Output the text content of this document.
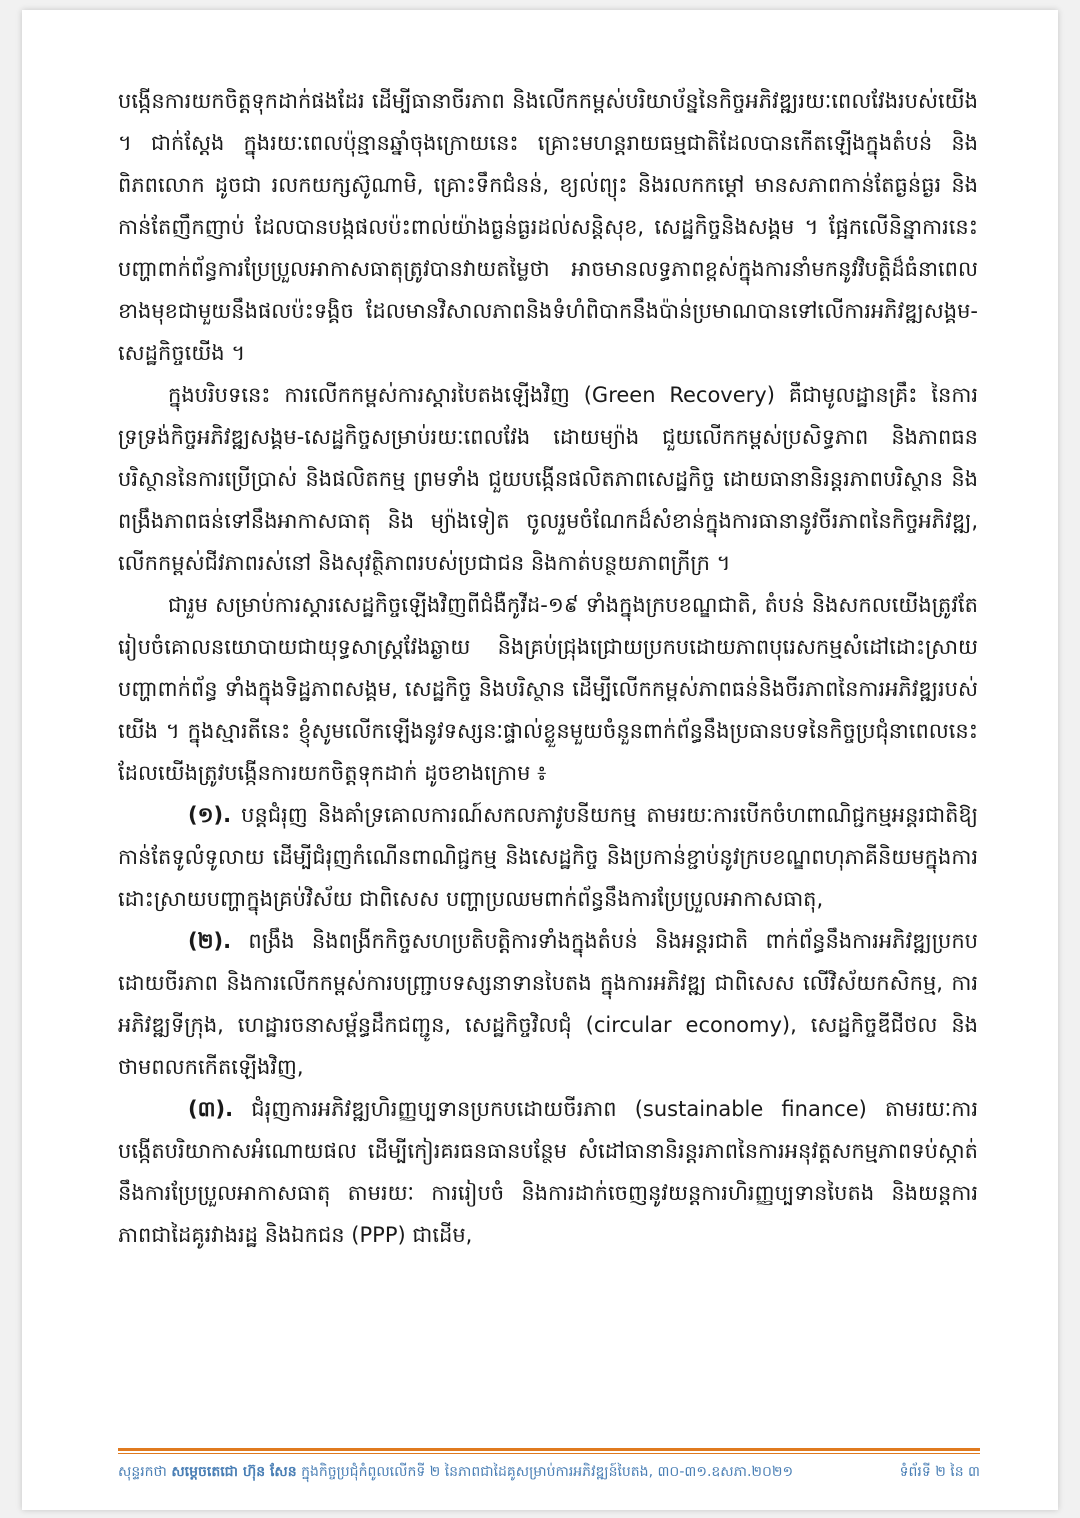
បង្កើនការយកចិត្តទុកដាក់ផងដែរ ដើម្បីធានាចីរភាព និងលើកកម្ពស់បរិយាប័ន្ននៃកិច្ចអភិវឌ្ឍរយៈពេលវែងរបស់យើង ។ ជាក់ស្តែង ក្នុងរយៈពេលប៉ុន្មានឆ្នាំចុងក្រោយនេះ គ្រោះមហន្តរាយធម្មជាតិដែលបានកើតឡើងក្នុងតំបន់ និងពិភពលោក ដូចជា រលកយក្សស៊ូណាមិ, គ្រោះទឹកជំនន់, ខ្យល់ព្យុះ និងរលកកម្តៅ មានសភាពកាន់តែធ្ងន់ធ្ងរ និងកាន់តែញឹកញាប់ ដែលបានបង្កផលប៉ះពាល់យ៉ាងធ្ងន់ធ្ងរដល់សន្តិសុខ, សេដ្ឋកិច្ចនិងសង្គម ។ ផ្អែកលើនិន្នាការនេះ បញ្ហាពាក់ព័ន្ធការប្រែប្រួលអាកាសធាតុត្រូវបានវាយតម្លៃថា អាចមានលទ្ធភាពខ្ពស់ក្នុងការនាំមកនូវវិបត្តិដ៏ធំនាពេលខាងមុខជាមួយនឹងផលប៉ះទង្គិច ដែលមានវិសាលភាពនិងទំហំពិបាកនឹងប៉ាន់ប្រមាណបានទៅលើការអភិវឌ្ឍសង្គម-សេដ្ឋកិច្ចយើង ។

ក្នុងបរិបទនេះ ការលើកកម្ពស់ការស្តារបៃតងឡើងវិញ (Green Recovery) គឺជាមូលដ្ឋានគ្រឹះ នៃការទ្រទ្រង់កិច្ចអភិវឌ្ឍសង្គម-សេដ្ឋកិច្ចសម្រាប់រយៈពេលវែង ដោយម្យ៉ាង ជួយលើកកម្ពស់ប្រសិទ្ធភាព និងភាពធនបរិស្ថាននៃការប្រើប្រាស់ និងផលិតកម្ម ព្រមទាំង ជួយបង្កើនផលិតភាពសេដ្ឋកិច្ច ដោយធានានិរន្តរភាពបរិស្ថាន និងពង្រឹងភាពធន់ទៅនឹងអាកាសធាតុ និង ម្យ៉ាងទៀត ចូលរួមចំណែកដ៏សំខាន់ក្នុងការធានានូវចីរភាពនៃកិច្ចអភិវឌ្ឍ, លើកកម្ពស់ជីវភាពរស់នៅ និងសុវត្ថិភាពរបស់ប្រជាជន និងកាត់បន្ថយភាពក្រីក្រ ។

ជារួម សម្រាប់ការស្តារសេដ្ឋកិច្ចឡើងវិញពីជំងឺកូវីដ-១៩ ទាំងក្នុងក្របខណ្ឌជាតិ, តំបន់ និងសកលយើងត្រូវតែរៀបចំគោលនយោបាយជាយុទ្ធសាស្ត្រវែងឆ្ងាយ និងគ្រប់ជ្រុងជ្រោយប្រកបដោយភាពបុរេសកម្មសំដៅដោះស្រាយបញ្ហាពាក់ព័ន្ធ ទាំងក្នុងទិដ្ឋភាពសង្គម, សេដ្ឋកិច្ច និងបរិស្ថាន ដើម្បីលើកកម្ពស់ភាពធន់និងចីរភាពនៃការអភិវឌ្ឍរបស់យើង ។ ក្នុងស្មារតីនេះ ខ្ញុំសូមលើកឡើងនូវទស្សនៈផ្ទាល់ខ្លួនមួយចំនួនពាក់ព័ន្ធនឹងប្រធានបទនៃកិច្ចប្រជុំនាពេលនេះ ដែលយើងត្រូវបង្កើនការយកចិត្តទុកដាក់ ដូចខាងក្រោម ៖

(១). បន្តជំរុញ និងគាំទ្រគោលការណ៍សកលភាវូបនីយកម្ម តាមរយៈការបើកចំហពាណិជ្ជកម្មអន្តរជាតិឱ្យកាន់តែទូលំទូលាយ ដើម្បីជំរុញកំណើនពាណិជ្ជកម្ម និងសេដ្ឋកិច្ច និងប្រកាន់ខ្ជាប់នូវក្របខណ្ឌពហុភាគីនិយមក្នុងការដោះស្រាយបញ្ហាក្នុងគ្រប់វិស័យ ជាពិសេស បញ្ហាប្រឈមពាក់ព័ន្ធនឹងការប្រែប្រួលអាកាសធាតុ,

(២). ពង្រឹង និងពង្រីកកិច្ចសហប្រតិបត្តិការទាំងក្នុងតំបន់ និងអន្តរជាតិ ពាក់ព័ន្ធនឹងការអភិវឌ្ឍប្រកបដោយចីរភាព និងការលើកកម្ពស់ការបញ្ជ្រាបទស្សនាទានបៃតង ក្នុងការអភិវឌ្ឍ ជាពិសេស លើវិស័យកសិកម្ម, ការអភិវឌ្ឍទីក្រុង, ហេដ្ឋារចនាសម្ព័ន្ធដឹកជញ្ជូន, សេដ្ឋកិច្ចវិលជុំ (circular economy), សេដ្ឋកិច្ចឌីជីថល និងថាមពលកកើតឡើងវិញ,

(៣). ជំរុញការអភិវឌ្ឍហិរញ្ញប្បទានប្រកបដោយចីរភាព (sustainable finance) តាមរយៈការបង្កើតបរិយាកាសអំណោយផល ដើម្បីកៀរគរធនធានបន្ថែម សំដៅធានានិរន្តរភាពនៃការអនុវត្តសកម្មភាពទប់ស្កាត់នឹងការប្រែប្រួលអាកាសធាតុ តាមរយៈ ការរៀបចំ និងការដាក់ចេញនូវយន្តការហិរញ្ញប្បទានបៃតង និងយន្តការភាពជាដៃគូរវាងរដ្ឋ និងឯកជន (PPP) ជាដើម,

សុន្ទរកថា សម្តេចតេជោ ហ៊ុន សែន ក្នុងកិច្ចប្រជុំកំពូលលើកទី ២ នៃភាពជាដៃគូសម្រាប់ការអភិវឌ្ឍន៍បៃតង, ៣០-៣១.ឧសភា.២០២១	ទំព័រទី ២ នៃ ៣
